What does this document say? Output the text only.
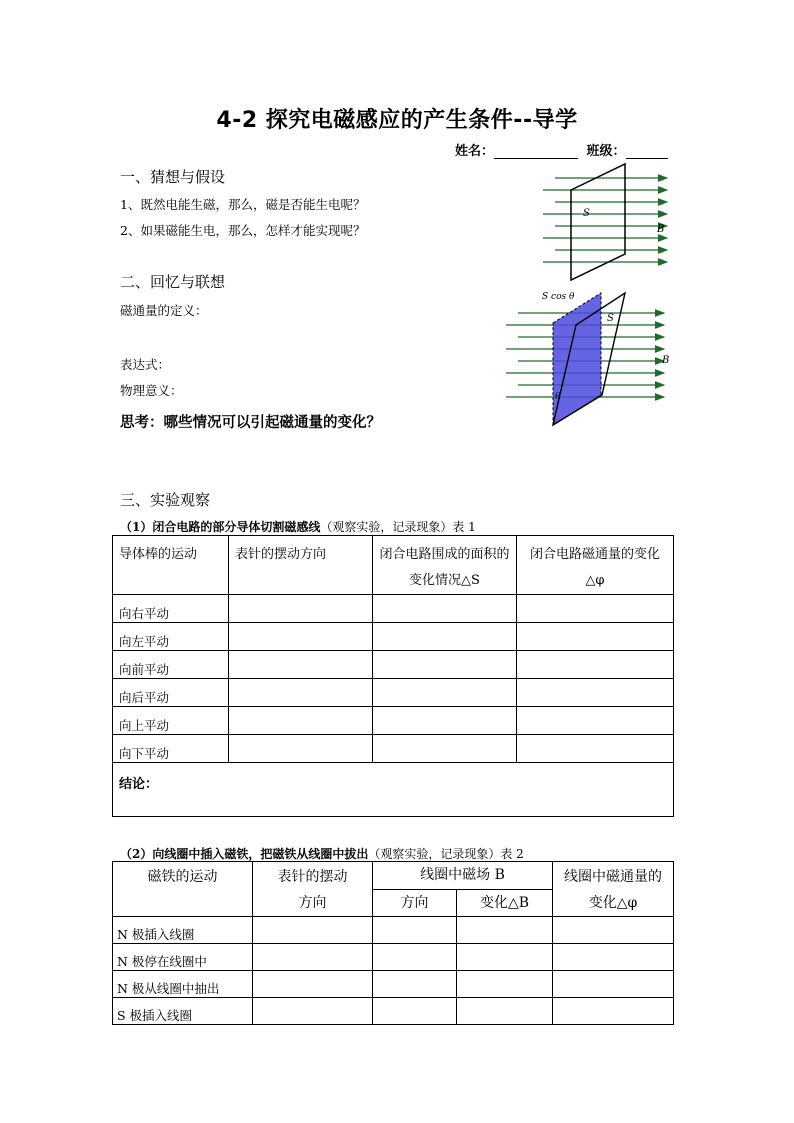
4-2 探究电磁感应的产生条件--导学
姓名：	班级：
一、猜想与假设
1、既然电能生磁，那么，磁是否能生电呢？
2、如果磁能生电，那么，怎样才能实现呢？
二、回忆与联想
磁通量的定义：
表达式：
物理意义：
思考：哪些情况可以引起磁通量的变化？
S
B
S cos θ
S
B
θ
三、实验观察
（1）闭合电路的部分导体切割磁感线（观察实验，记录现象）表 1
导体棒的运动	表针的摆动方向	闭合电路围成的面积的变化情况△S	闭合电路磁通量的变化△φ
向右平动			
向左平动			
向前平动			
向后平动			
向上平动			
向下平动			
结论：			
（2）向线圈中插入磁铁，把磁铁从线圈中拔出（观察实验，记录现象）表 2
磁铁的运动	表针的摆动方向	线圈中磁场 B		线圈中磁通量的变化△φ
		方向	变化△B	
N 极插入线圈				
N 极停在线圈中				
N 极从线圈中抽出				
S 极插入线圈				
